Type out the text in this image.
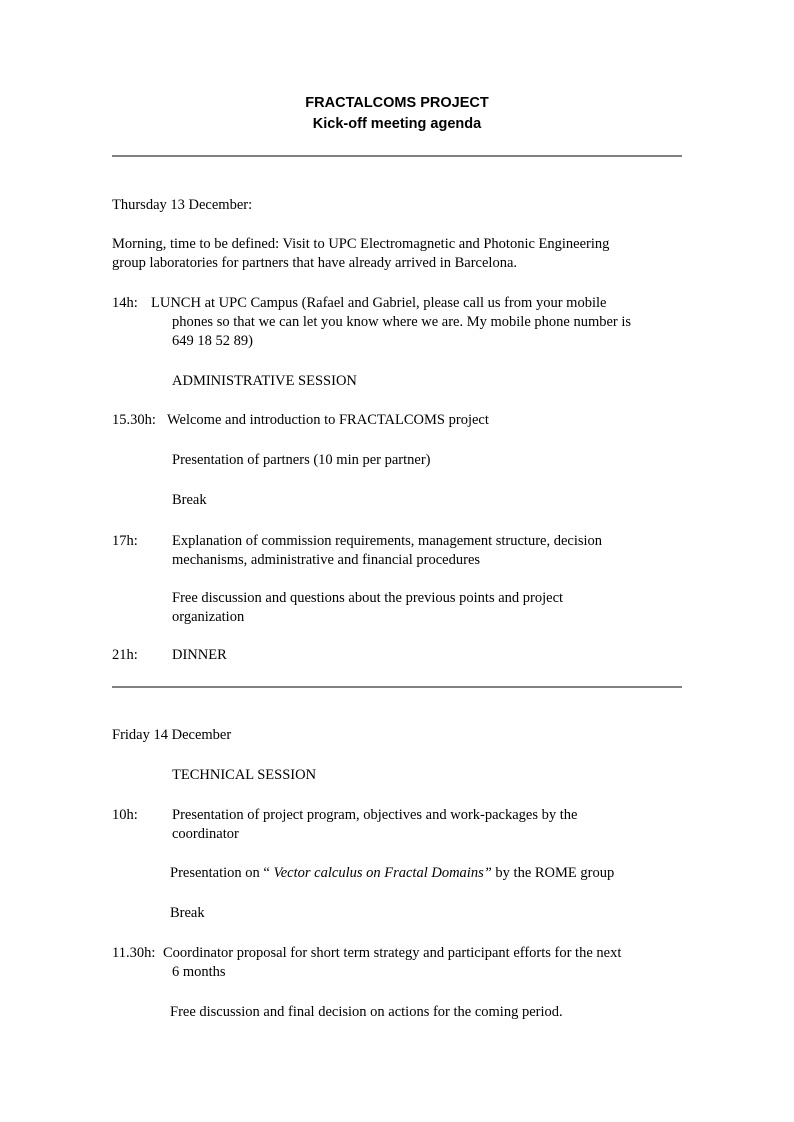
FRACTALCOMS PROJECT
Kick-off meeting agenda
Thursday 13 December:
Morning, time to be defined: Visit to UPC Electromagnetic and Photonic Engineering
group laboratories for partners that have already arrived in Barcelona.
14h: LUNCH at UPC Campus (Rafael and Gabriel, please call us from your mobile
phones so that we can let you know where we are. My mobile phone number is
649 18 52 89)
ADMINISTRATIVE SESSION
15.30h: Welcome and introduction to FRACTALCOMS project
Presentation of partners (10 min per partner)
Break
17h: Explanation of commission requirements, management structure, decision
mechanisms, administrative and financial procedures
Free discussion and questions about the previous points and project
organization
21h: DINNER
Friday 14 December
TECHNICAL SESSION
10h: Presentation of project program, objectives and work-packages by the
coordinator
Presentation on “ Vector calculus on Fractal Domains” by the ROME group
Break
11.30h: Coordinator proposal for short term strategy and participant efforts for the next
6 months
Free discussion and final decision on actions for the coming period.
